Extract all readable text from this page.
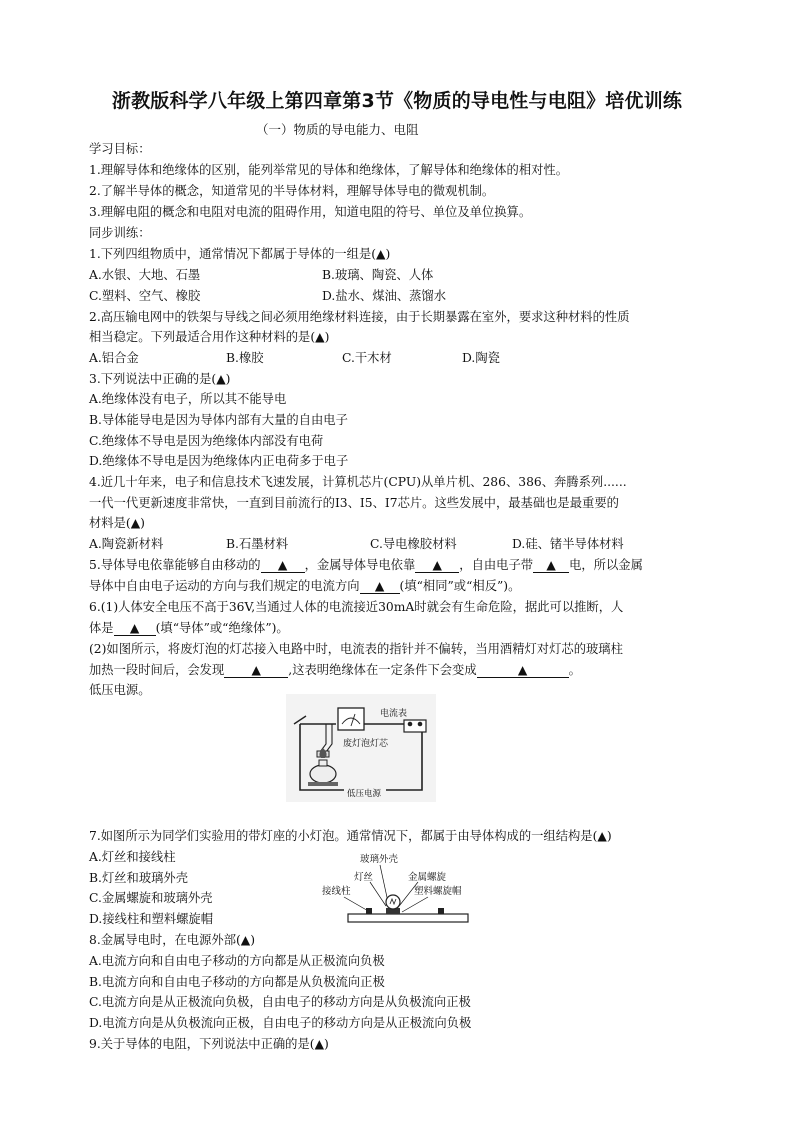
浙教版科学八年级上第四章第3节《物质的导电性与电阻》培优训练
（一）物质的导电能力、电阻
学习目标：
1.理解导体和绝缘体的区别，能列举常见的导体和绝缘体，了解导体和绝缘体的相对性。
2.了解半导体的概念，知道常见的半导体材料，理解导体导电的微观机制。
3.理解电阻的概念和电阻对电流的阻碍作用，知道电阻的符号、单位及单位换算。
同步训练：
1.下列四组物质中，通常情况下都属于导体的一组是(▲)
A.水银、大地、石墨	B.玻璃、陶瓷、人体
C.塑料、空气、橡胶	D.盐水、煤油、蒸馏水
2.高压输电网中的铁架与导线之间必须用绝缘材料连接，由于长期暴露在室外，要求这种材料的性质
相当稳定。下列最适合用作这种材料的是(▲)
A.铝合金	B.橡胶	C.干木材	D.陶瓷
3.下列说法中正确的是(▲)
A.绝缘体没有电子，所以其不能导电
B.导体能导电是因为导体内部有大量的自由电子
C.绝缘体不导电是因为绝缘体内部没有电荷
D.绝缘体不导电是因为绝缘体内正电荷多于电子
4.近几十年来，电子和信息技术飞速发展，计算机芯片(CPU)从单片机、286、386、奔腾系列......
一代一代更新速度非常快，一直到目前流行的I3、I5、I7芯片。这些发展中，最基础也是最重要的
材料是(▲)
A.陶瓷新材料	B.石墨材料	C.导电橡胶材料	D.硅、锗半导体材料
5.导体导电依靠能够自由移动的 ▲ ，金属导体导电依靠 ▲ ，自由电子带 ▲ 电，所以金属
导体中自由电子运动的方向与我们规定的电流方向 ▲ (填“相同”或“相反”)。
6.(1)人体安全电压不高于36V,当通过人体的电流接近30mA时就会有生命危险，据此可以推断，人
体是 ▲ (填“导体”或“绝缘体”)。
(2)如图所示，将废灯泡的灯芯接入电路中时，电流表的指针并不偏转，当用酒精灯对灯芯的玻璃柱
加热一段时间后，会发现 ▲ ,这表明绝缘体在一定条件下会变成	▲	。
低压电源。
电流表
废灯泡灯芯
低压电源
7.如图所示为同学们实验用的带灯座的小灯泡。通常情况下，都属于由导体构成的一组结构是(▲)
A.灯丝和接线柱
B.灯丝和玻璃外壳
C.金属螺旋和玻璃外壳
D.接线柱和塑料螺旋帽
玻璃外壳
灯丝	金属螺旋
接线柱	塑料螺旋帽
8.金属导电时，在电源外部(▲)
A.电流方向和自由电子移动的方向都是从正极流向负极
B.电流方向和自由电子移动的方向都是从负极流向正极
C.电流方向是从正极流向负极，自由电子的移动方向是从负极流向正极
D.电流方向是从负极流向正极，自由电子的移动方向是从正极流向负极
9.关于导体的电阻，下列说法中正确的是(▲)
